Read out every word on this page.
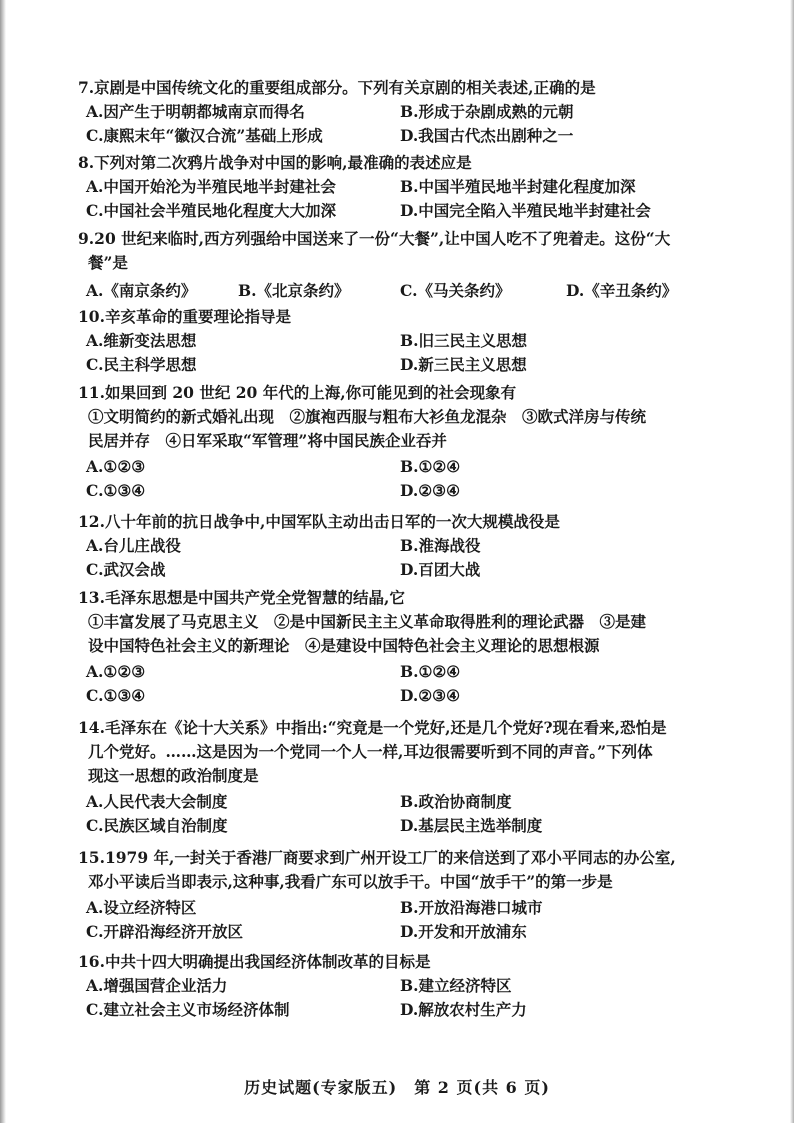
7.京剧是中国传统文化的重要组成部分。下列有关京剧的相关表述,正确的是
A.因产生于明朝都城南京而得名	B.形成于杂剧成熟的元朝
C.康熙末年“徽汉合流”基础上形成	D.我国古代杰出剧种之一
8.下列对第二次鸦片战争对中国的影响,最准确的表述应是
A.中国开始沦为半殖民地半封建社会	B.中国半殖民地半封建化程度加深
C.中国社会半殖民地化程度大大加深	D.中国完全陷入半殖民地半封建社会
9.20 世纪来临时,西方列强给中国送来了一份“大餐”,让中国人吃不了兜着走。这份“大
餐”是
A.《南京条约》	B.《北京条约》	C.《马关条约》	D.《辛丑条约》
10.辛亥革命的重要理论指导是
A.维新变法思想	B.旧三民主义思想
C.民主科学思想	D.新三民主义思想
11.如果回到 20 世纪 20 年代的上海,你可能见到的社会现象有
①文明简约的新式婚礼出现　②旗袍西服与粗布大衫鱼龙混杂　③欧式洋房与传统
民居并存　④日军采取“军管理”将中国民族企业吞并
A.①②③	B.①②④
C.①③④	D.②③④
12.八十年前的抗日战争中,中国军队主动出击日军的一次大规模战役是
A.台儿庄战役	B.淮海战役
C.武汉会战	D.百团大战
13.毛泽东思想是中国共产党全党智慧的结晶,它
①丰富发展了马克思主义　②是中国新民主主义革命取得胜利的理论武器　③是建
设中国特色社会主义的新理论　④是建设中国特色社会主义理论的思想根源
A.①②③	B.①②④
C.①③④	D.②③④
14.毛泽东在《论十大关系》中指出:“究竟是一个党好,还是几个党好?现在看来,恐怕是
几个党好。……这是因为一个党同一个人一样,耳边很需要听到不同的声音。”下列体
现这一思想的政治制度是
A.人民代表大会制度	B.政治协商制度
C.民族区域自治制度	D.基层民主选举制度
15.1979 年,一封关于香港厂商要求到广州开设工厂的来信送到了邓小平同志的办公室,
邓小平读后当即表示,这种事,我看广东可以放手干。中国“放手干”的第一步是
A.设立经济特区	B.开放沿海港口城市
C.开辟沿海经济开放区	D.开发和开放浦东
16.中共十四大明确提出我国经济体制改革的目标是
A.增强国营企业活力	B.建立经济特区
C.建立社会主义市场经济体制	D.解放农村生产力
历史试题(专家版五)　第 2 页(共 6 页)
